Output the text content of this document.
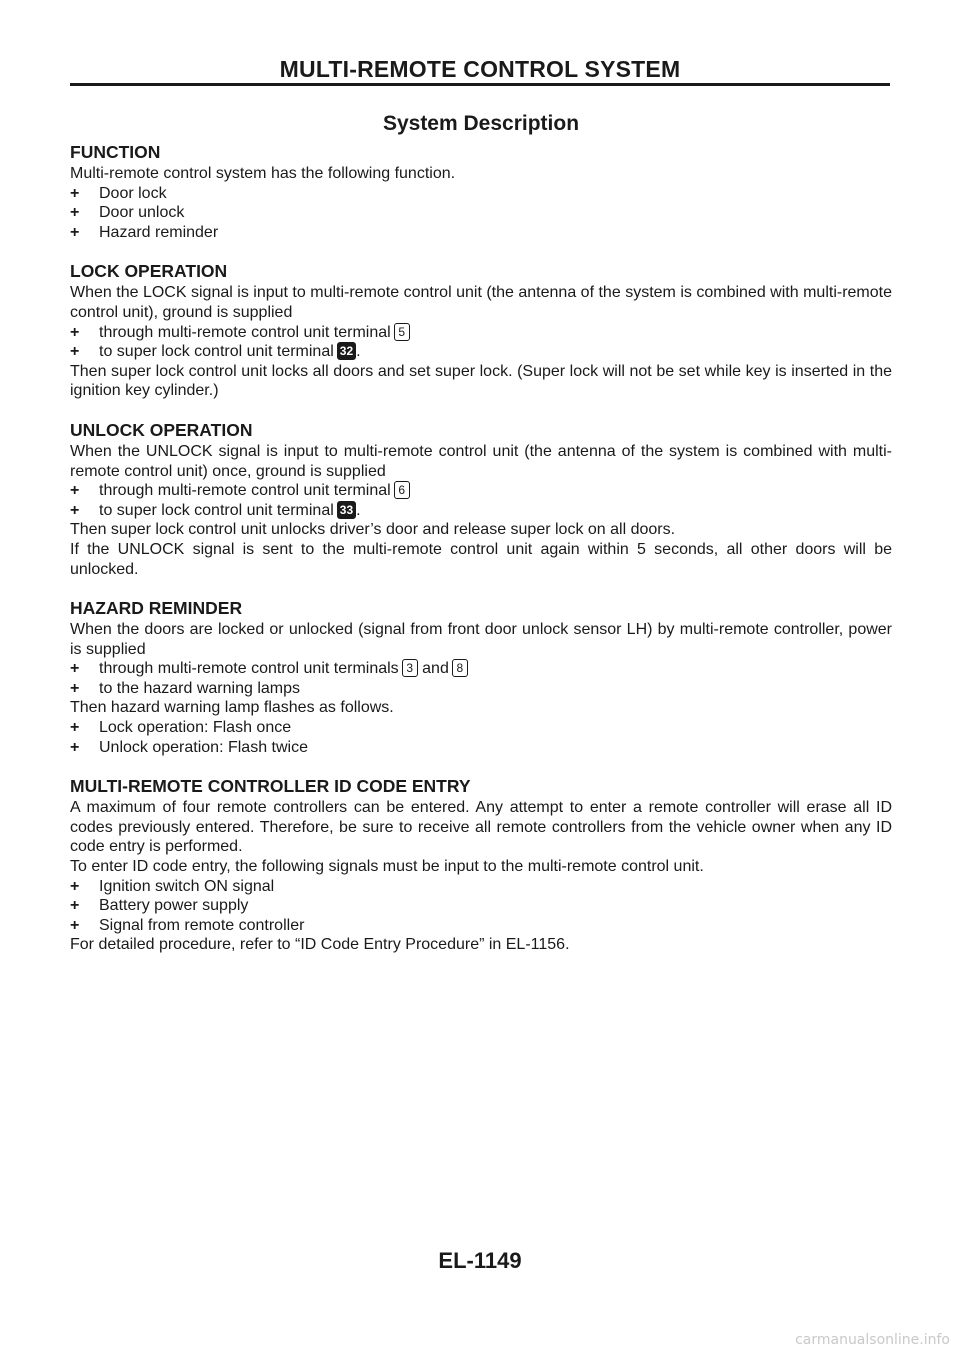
MULTI-REMOTE CONTROL SYSTEM
System Description
FUNCTION

Multi-remote control system has the following function.

+ Door lock
+ Door unlock
+ Hazard reminder
LOCK OPERATION

When the LOCK signal is input to multi-remote control unit (the antenna of the system is combined with multi-remote control unit), ground is supplied

+ through multi-remote control unit terminal 5
+ to super lock control unit terminal 32 .

Then super lock control unit locks all doors and set super lock. (Super lock will not be set while key is inserted in the ignition key cylinder.)

UNLOCK OPERATION

When the UNLOCK signal is input to multi-remote control unit (the antenna of the system is combined with multi-remote control unit) once, ground is supplied

+ through multi-remote control unit terminal 6
+ to super lock control unit terminal 33 .

Then super lock control unit unlocks driver’s door and release super lock on all doors.

If the UNLOCK signal is sent to the multi-remote control unit again within 5 seconds, all other doors will be unlocked.

HAZARD REMINDER

When the doors are locked or unlocked (signal from front door unlock sensor LH) by multi-remote controller, power is supplied

+ through multi-remote control unit terminals 3 and 8
+ to the hazard warning lamps

Then hazard warning lamp flashes as follows.

+ Lock operation: Flash once
+ Unlock operation: Flash twice
MULTI-REMOTE CONTROLLER ID CODE ENTRY

A maximum of four remote controllers can be entered. Any attempt to enter a remote controller will erase all ID codes previously entered. Therefore, be sure to receive all remote controllers from the vehicle owner when any ID code entry is performed.

To enter ID code entry, the following signals must be input to the multi-remote control unit.

+ Ignition switch ON signal
+ Battery power supply
+ Signal from remote controller

For detailed procedure, refer to “ID Code Entry Procedure” in EL-1156.

EL-1149
carmanualsonline.info
